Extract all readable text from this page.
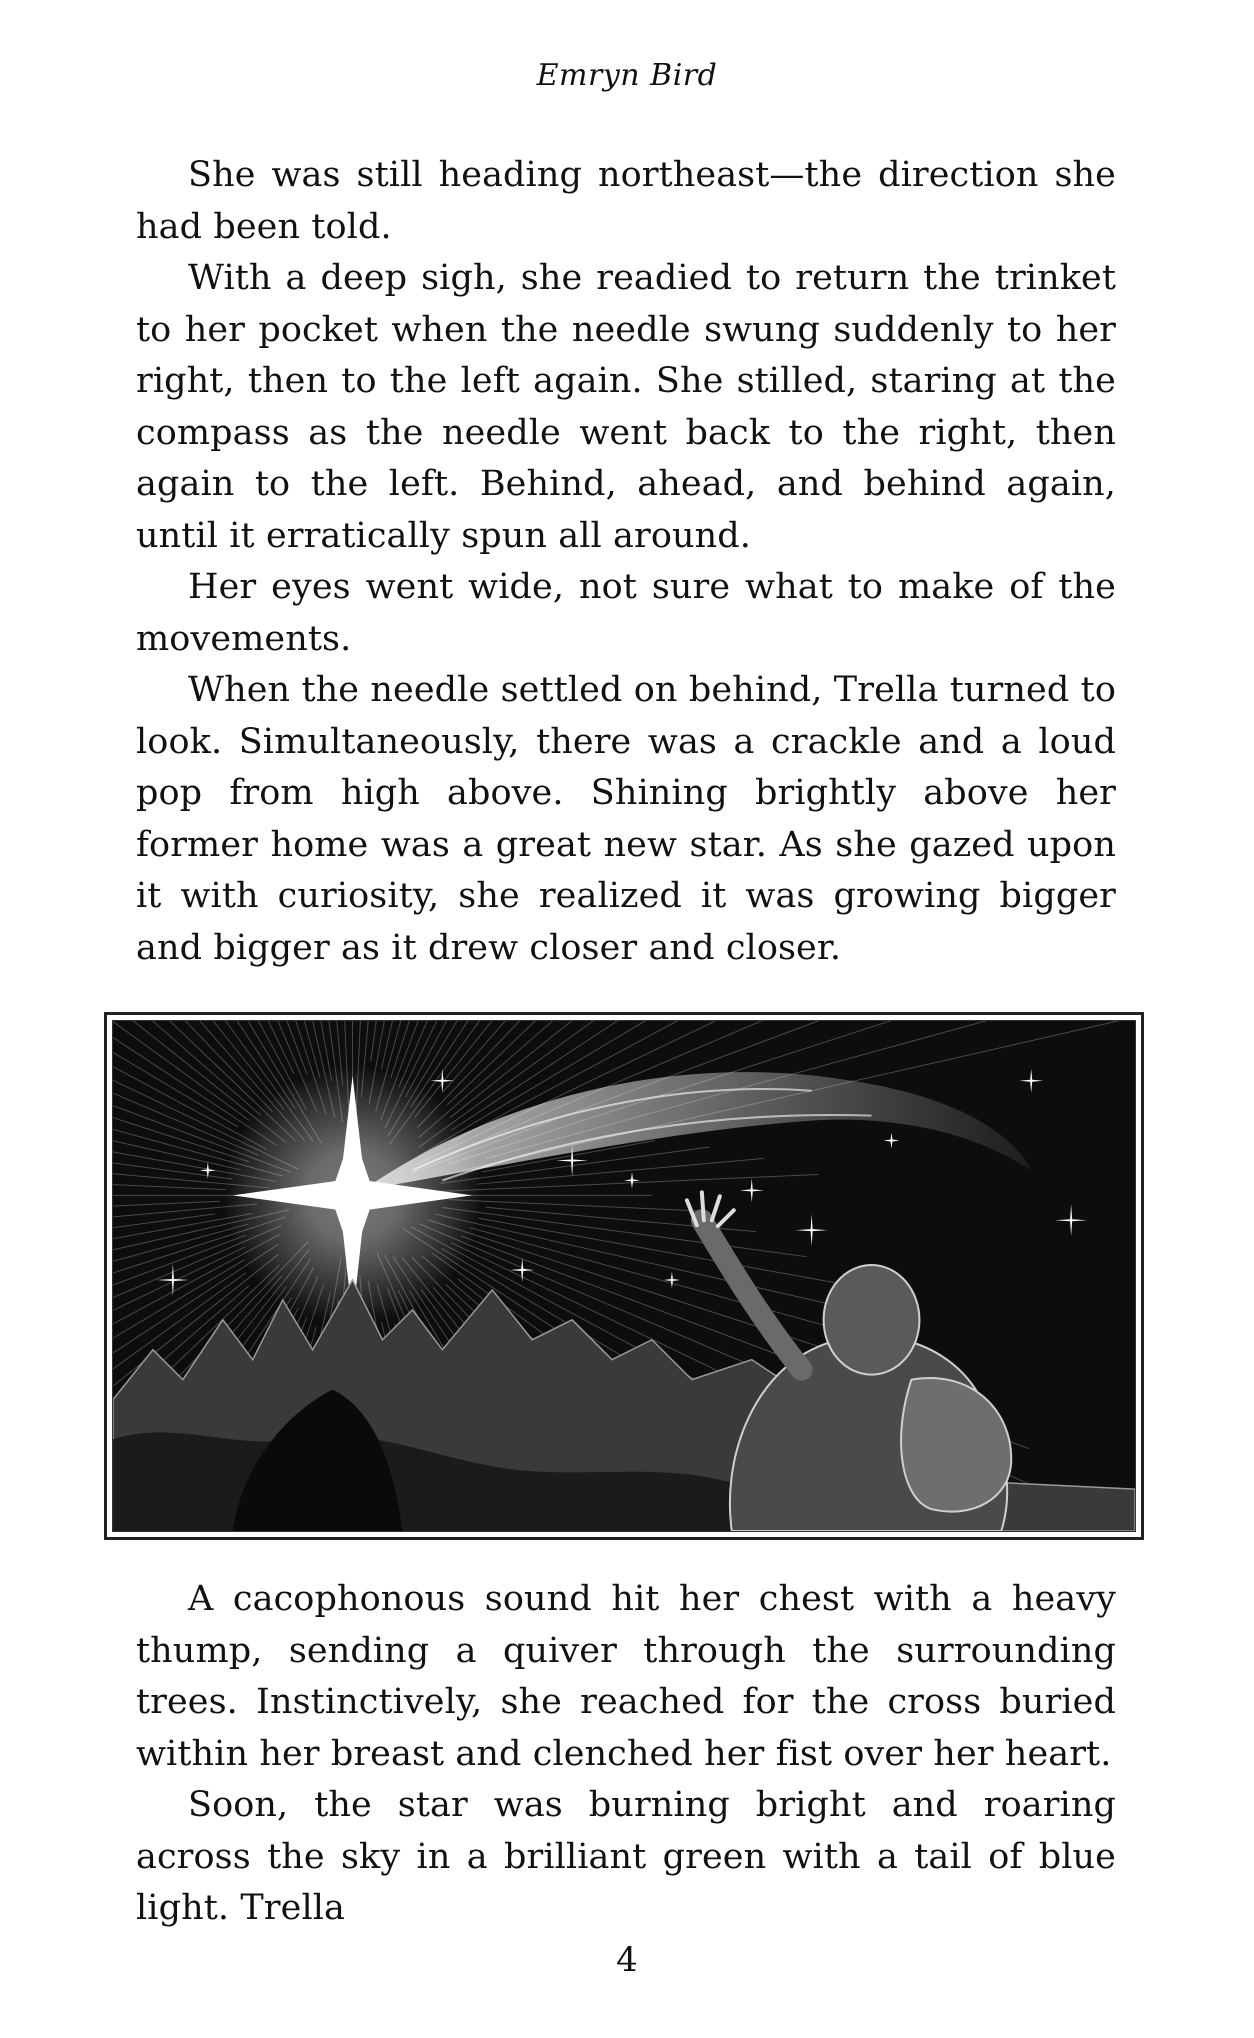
Emryn Bird

She was still heading northeast—the direction she had been told.

With a deep sigh, she readied to return the trinket to her pocket when the needle swung suddenly to her right, then to the left again. She stilled, staring at the compass as the needle went back to the right, then again to the left. Behind, ahead, and behind again, until it erratically spun all around.

Her eyes went wide, not sure what to make of the movements.

When the needle settled on behind, Trella turned to look. Simultaneously, there was a crackle and a loud pop from high above. Shining brightly above her former home was a great new star. As she gazed upon it with curiosity, she realized it was growing bigger and bigger as it drew closer and closer.

A cacophonous sound hit her chest with a heavy thump, sending a quiver through the surrounding trees. Instinctively, she reached for the cross buried within her breast and clenched her fist over her heart.

Soon, the star was burning bright and roaring across the sky in a brilliant green with a tail of blue light. Trella

4
